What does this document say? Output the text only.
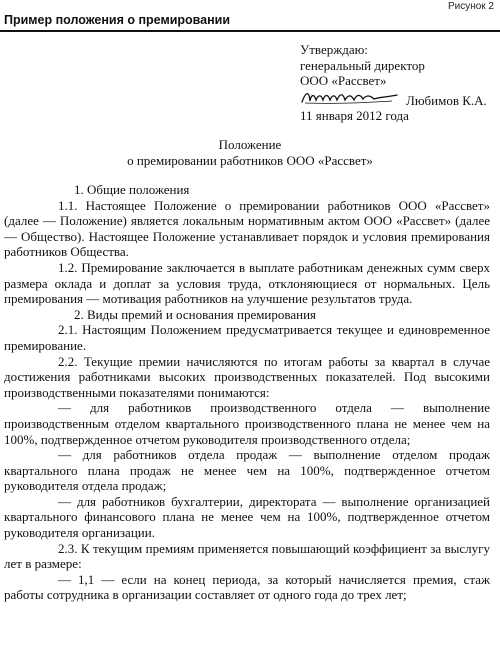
Рисунок 2
Пример положения о премировании
Утверждаю:
генеральный директор
ООО «Рассвет»
Любимов К.А.
11 января 2012 года
Положение
о премировании работников ООО «Рассвет»

1. Общие положения

1.1. Настоящее Положение о премировании работников ООО «Рассвет» (далее — Положение) является локальным нормативным актом ООО «Рассвет» (далее — Общество). Настоящее Положение устанавливает порядок и условия премирования работников Общества.

1.2. Премирование заключается в выплате работникам денежных сумм сверх размера оклада и доплат за условия труда, отклоняющиеся от нормальных. Цель премирования — мотивация работников на улучшение результатов труда.

2. Виды премий и основания премирования

2.1. Настоящим Положением предусматривается текущее и единовременное премирование.

2.2. Текущие премии начисляются по итогам работы за квартал в случае достижения работниками высоких производственных показателей. Под высокими производственными показателями понимаются:

— для работников производственного отдела — выполнение производственным отделом квартального производственного плана не менее чем на 100%, подтвержденное отчетом руководителя производственного отдела;

— для работников отдела продаж — выполнение отделом продаж квартального плана продаж не менее чем на 100%, подтвержденное отчетом руководителя отдела продаж;

— для работников бухгалтерии, директората — выполнение организацией квартального финансового плана не менее чем на 100%, подтвержденное отчетом руководителя организации.

2.3. К текущим премиям применяется повышающий коэффициент за выслугу лет в размере:

— 1,1 — если на конец периода, за который начисляется премия, стаж работы сотрудника в организации составляет от одного года до трех лет;
